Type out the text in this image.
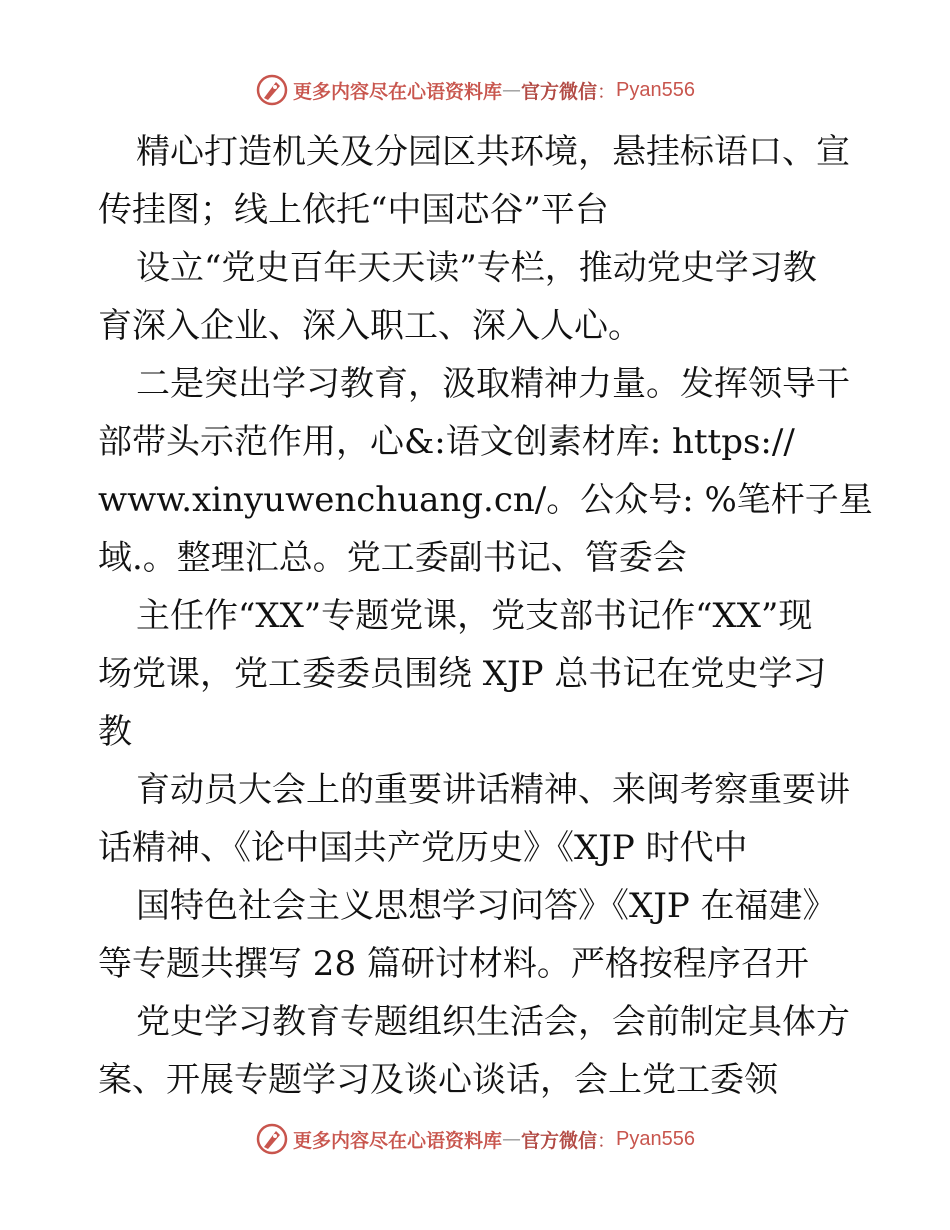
更多内容尽在心语资料库 — 官方微信 ： Pyan556
精心打造机关及分园区共环境，悬挂标语口、宣
传挂图；线上依托“中国芯谷”平台
设立“党史百年天天读”专栏，推动党史学习教
育深入企业、深入职工、深入人心。
二是突出学习教育，汲取精神力量。发挥领导干
部带头示范作用，心&:语文创素材库: https://
www.xinyuwenchuang.cn/。公众号: %笔杆子星
域.。整理汇总。党工委副书记、管委会
主任作“XX”专题党课，党支部书记作“XX”现
场党课，党工委委员围绕 XJP 总书记在党史学习
教
育动员大会上的重要讲话精神、来闽考察重要讲
话精神、《论中国共产党历史》《XJP 时代中
国特色社会主义思想学习问答》《XJP 在福建》
等专题共撰写 28 篇研讨材料。严格按程序召开
党史学习教育专题组织生活会，会前制定具体方
案、开展专题学习及谈心谈话，会上党工委领
更多内容尽在心语资料库 — 官方微信 ： Pyan556
